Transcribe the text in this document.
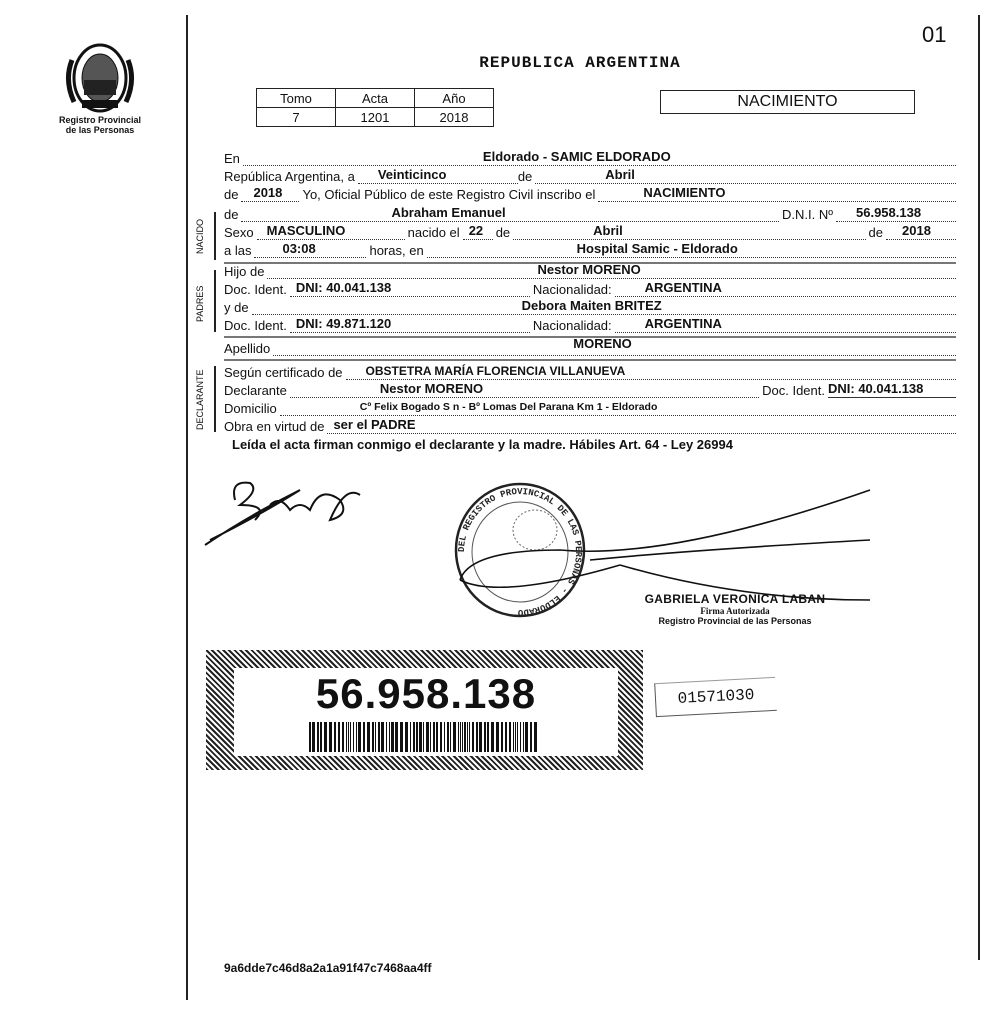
01
Registro Provincial
de las Personas
REPUBLICA ARGENTINA
Tomo	Acta	Año
7	1201	2018
NACIMIENTO
En	Eldorado - SAMIC ELDORADO
República Argentina, a Veinticinco	de	Abril
de 2018 Yo, Oficial Público de este Registro Civil inscribo el	NACIMIENTO
NACIDO
de	Abraham Emanuel	D.N.I. Nº 56.958.138
Sexo MASCULINO	nacido el 22 de	Abril	de 2018
a las 03:08	horas, en	Hospital Samic - Eldorado
PADRES
Hijo de	Nestor MORENO
Doc. Ident. DNI: 40.041.138	Nacionalidad:	ARGENTINA
y de	Debora Maiten BRITEZ
Doc. Ident. DNI: 49.871.120	Nacionalidad:	ARGENTINA
Apellido	MORENO
DECLARANTE Según certificado de OBSTETRA MARÍA FLORENCIA VILLANUEVA
Declarante	Nestor MORENO	Doc. Ident. DNI: 40.041.138
Domicilio	Cº Felix Bogado S n - Bº Lomas Del Parana Km 1 - Eldorado
Obra en virtud de ser el PADRE
Leída el acta firman conmigo el declarante y la madre. Hábiles Art. 64 - Ley 26994
DEL REGISTRO PROVINCIAL DE LAS PERSONAS - ELDORADO
GABRIELA VERONICA LABAN
Firma Autorizada
Registro Provincial de las Personas
56.958.138	01571030
9a6dde7c46d8a2a1a91f47c7468aa4ff
